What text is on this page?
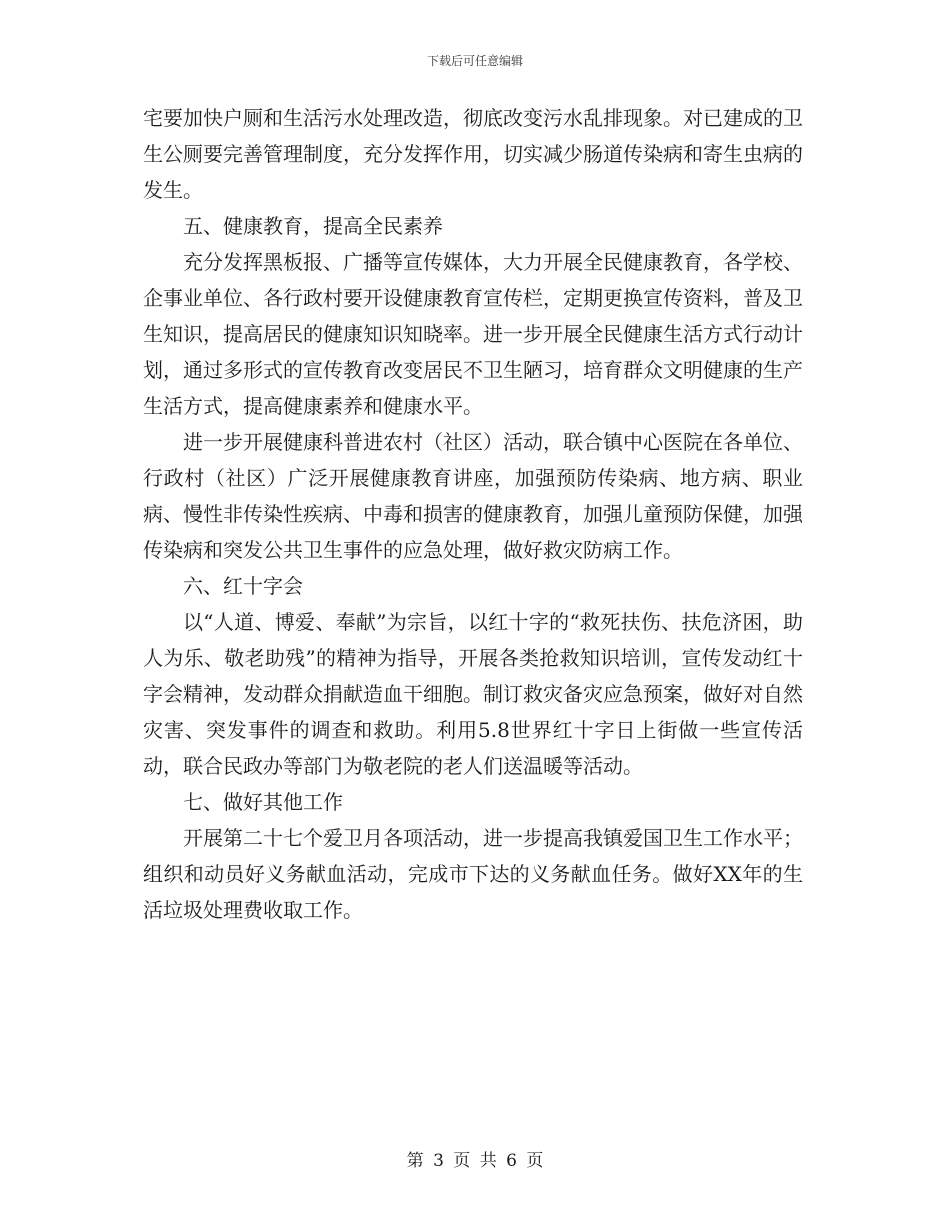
下载后可任意编辑

宅要加快户厕和生活污水处理改造，彻底改变污水乱排现象。对已建成的卫生公厕要完善管理制度，充分发挥作用，切实减少肠道传染病和寄生虫病的发生。

五、健康教育，提高全民素养

充分发挥黑板报、广播等宣传媒体，大力开展全民健康教育，各学校、企事业单位、各行政村要开设健康教育宣传栏，定期更换宣传资料，普及卫生知识，提高居民的健康知识知晓率。进一步开展全民健康生活方式行动计划，通过多形式的宣传教育改变居民不卫生陋习，培育群众文明健康的生产生活方式，提高健康素养和健康水平。

进一步开展健康科普进农村（社区）活动，联合镇中心医院在各单位、行政村（社区）广泛开展健康教育讲座，加强预防传染病、地方病、职业病、慢性非传染性疾病、中毒和损害的健康教育，加强儿童预防保健，加强传染病和突发公共卫生事件的应急处理，做好救灾防病工作。

六、红十字会

以“人道、博爱、奉献”为宗旨，以红十字的“救死扶伤、扶危济困，助人为乐、敬老助残”的精神为指导，开展各类抢救知识培训，宣传发动红十字会精神，发动群众捐献造血干细胞。制订救灾备灾应急预案，做好对自然灾害、突发事件的调查和救助。利用5.8世界红十字日上街做一些宣传活动，联合民政办等部门为敬老院的老人们送温暖等活动。

七、做好其他工作

开展第二十七个爱卫月各项活动，进一步提高我镇爱国卫生工作水平；组织和动员好义务献血活动，完成市下达的义务献血任务。做好XX年的生活垃圾处理费收取工作。

第 3 页 共 6 页
